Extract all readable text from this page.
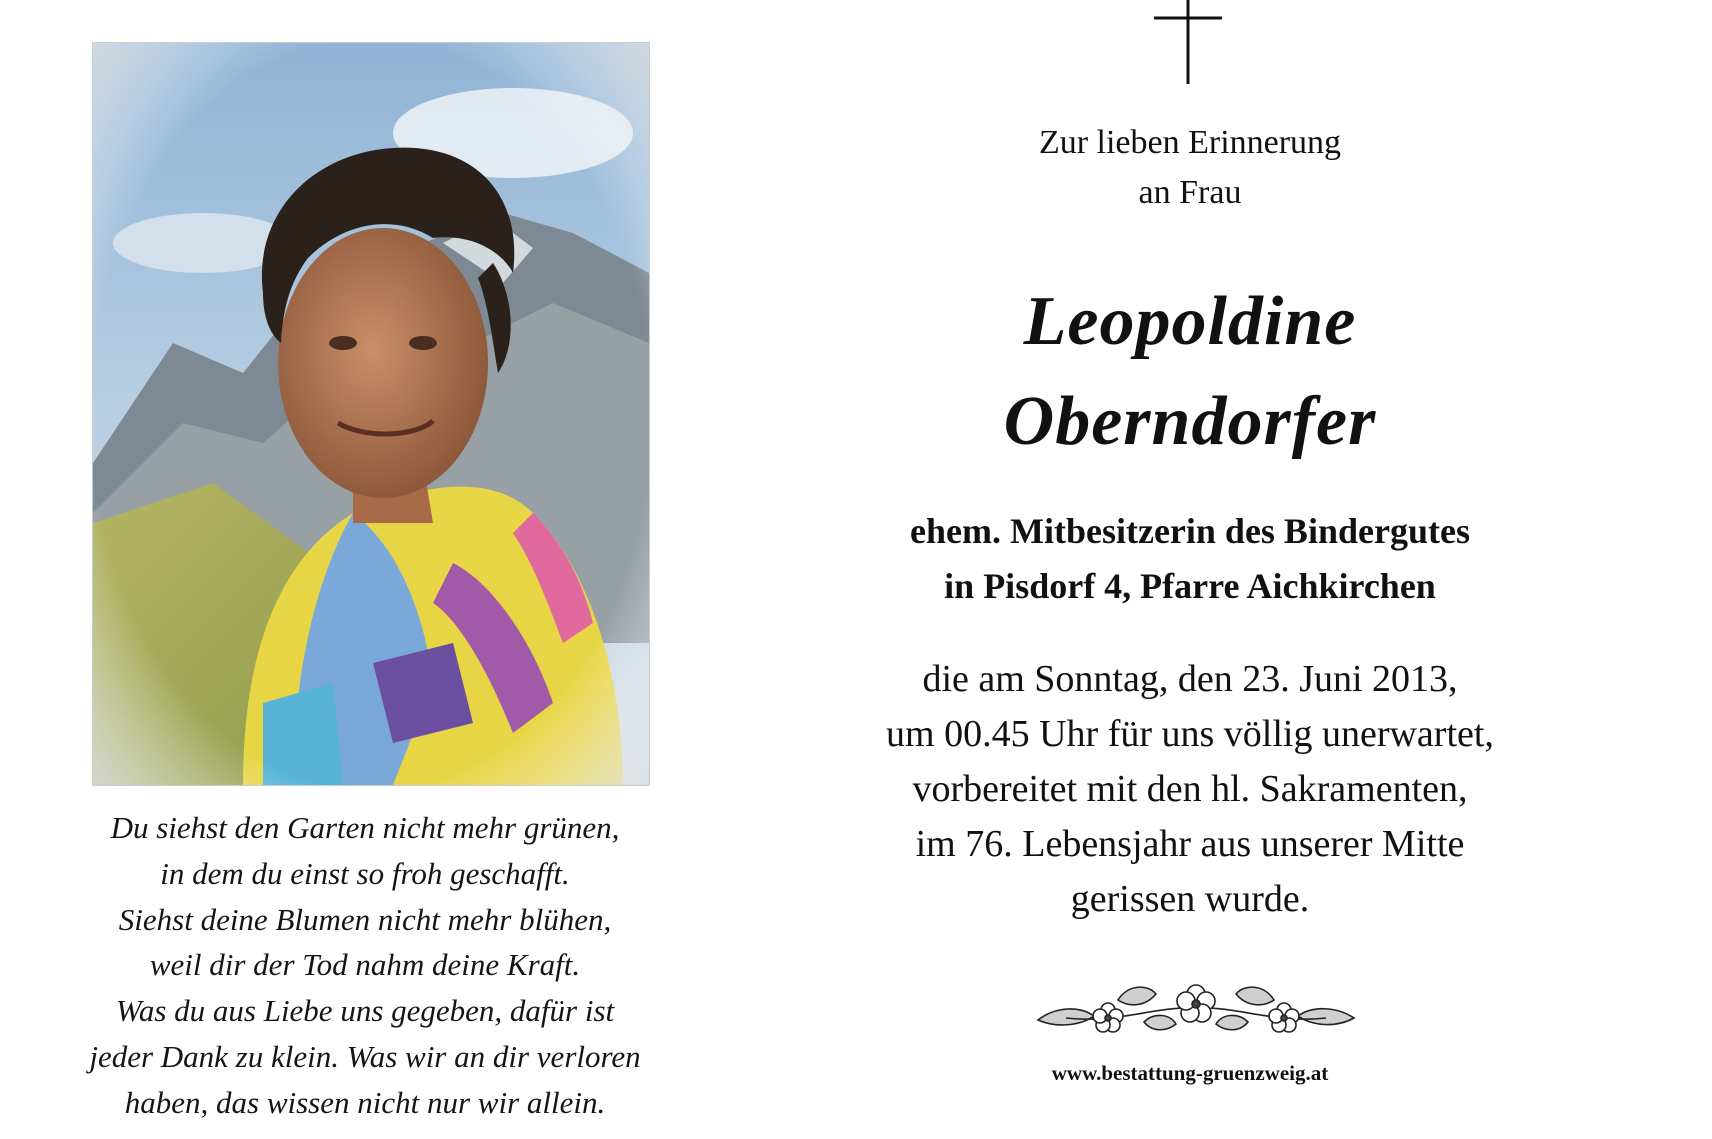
Du siehst den Garten nicht mehr grünen,
in dem du einst so froh geschafft.
Siehst deine Blumen nicht mehr blühen,
weil dir der Tod nahm deine Kraft.
Was du aus Liebe uns gegeben, dafür ist
jeder Dank zu klein. Was wir an dir verloren
haben, das wissen nicht nur wir allein.
Zur lieben Erinnerung
an Frau
Leopoldine
Oberndorfer
ehem. Mitbesitzerin des Bindergutes
in Pisdorf 4, Pfarre Aichkirchen
die am Sonntag, den 23. Juni 2013,
um 00.45 Uhr für uns völlig unerwartet,
vorbereitet mit den hl. Sakramenten,
im 76. Lebensjahr aus unserer Mitte
gerissen wurde.
www.bestattung-gruenzweig.at
